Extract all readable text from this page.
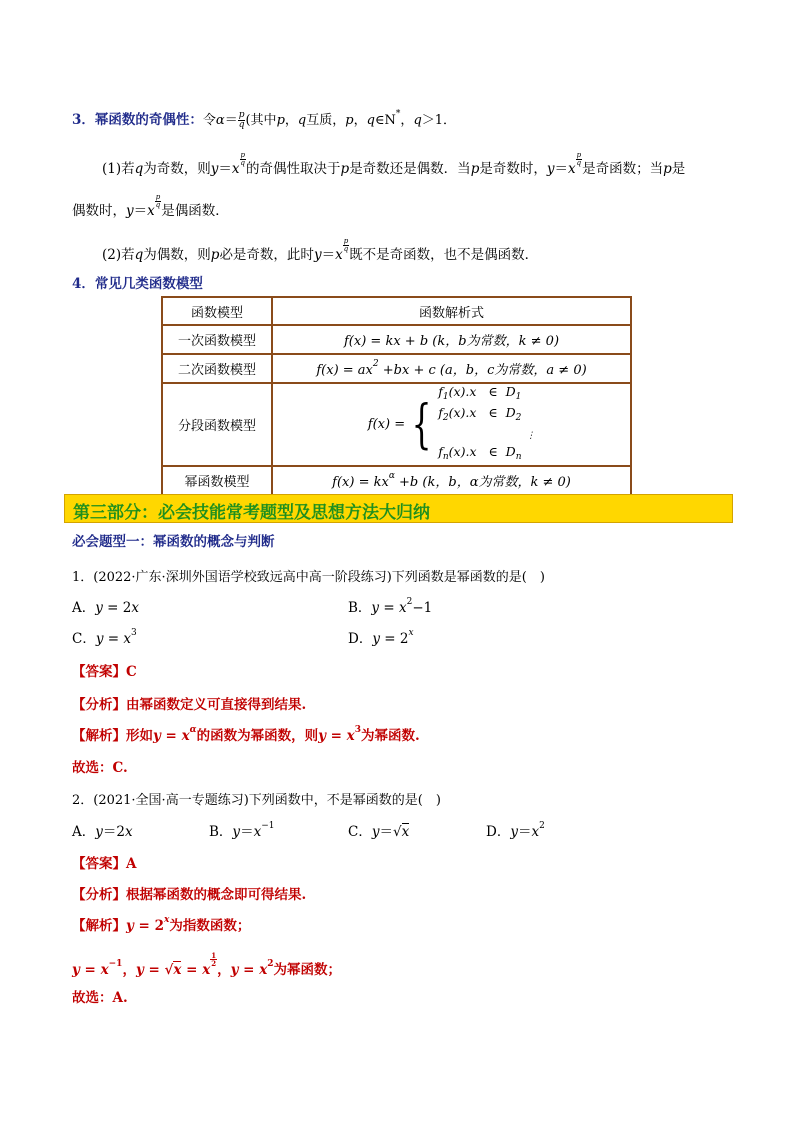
3．幂函数的奇偶性：令$\alpha= \frac{p}{q}$ (其中p，q互质，p，q∈N*，q＞1．
(1)若q为奇数，则y＝x
$\frac{p}{q}$
的奇偶性取决于p是奇数还是偶数．当p是奇数时，y＝x
$\frac{p}{q}$
是奇函数；当p是
偶数时，y＝x
$\frac{p}{q}$
是偶函数．
(2)若q为偶数，则p必是奇数，此时y＝x
$\frac{p}{q}$
既不是奇函数，也不是偶函数．
4．常见几类函数模型
函数模型	函数解析式
一次函数模型	f(x) = kx + b (k，b为常数，k ≠ 0)
二次函数模型	$f(x) = ax^2 +bx + c$ (a，b，c为常数，a ≠ 0)
分段函数模型	$f(x) = \{f_1(x).x$   ∈  $D_1$
$f_2(x).x$   ∈  $D_2$
⋮
$f_n(x).x$   ∈  $D_n$
幂函数模型	$f(x) = kx^\alpha +b$ (k，b，α为常数，k ≠ 0)
第三部分：必会技能常考题型及思想方法大归纳
必会题型一：幂函数的概念与判断
1．(2022·广东·深圳外国语学校致远高中高一阶段练习)下列函数是幂函数的是(　)
A．y = 2x	B．$y = x^2-1$
C．$y = x^3$	D．$y = 2^x$
【答案】C
【分析】由幂函数定义可直接得到结果.
【解析】形如$y = x^\alpha$的函数为幂函数，则$y = x^3$为幂函数.
故选：C.
2．(2021·全国·高一专题练习)下列函数中，不是幂函数的是(　)
A．y＝2x	B．$y=x^{-1}$	C．y＝√x	D．$y=x^2$
【答案】A
【分析】根据幂函数的概念即可得结果.
【解析】$y = 2^x$为指数函数；
$y = x^{-1}$，y = √x = x
$\frac{1}{2}$
，$y = x^2$为幂函数；
故选：A.
